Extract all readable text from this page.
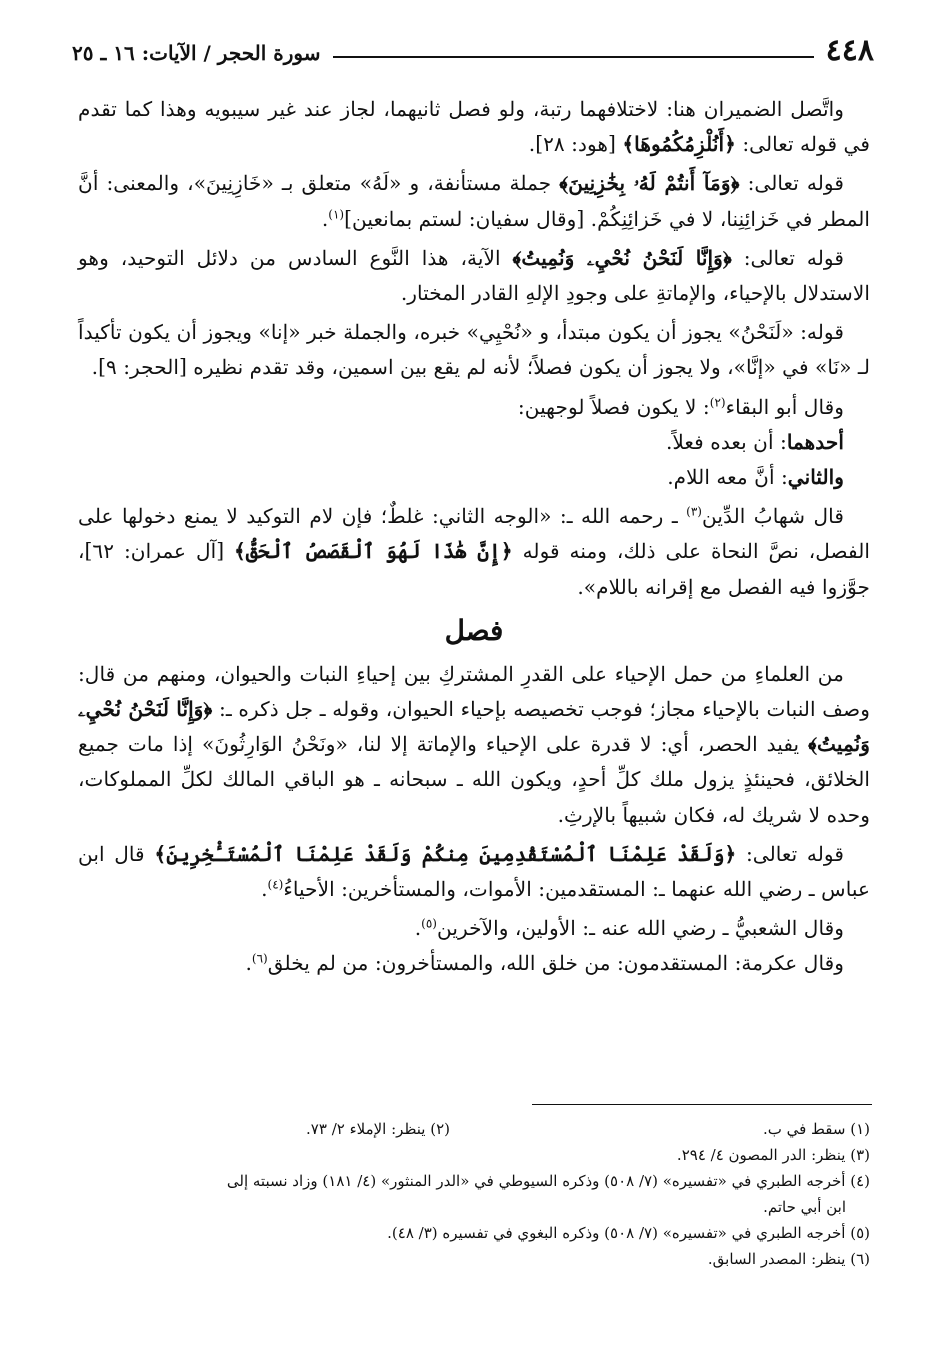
٤٤٨
سورة الحجر / الآيات: ١٦ ـ ٢٥

واتَّصل الضميران هنا: لاختلافهما رتبة، ولو فصل ثانيهما، لجاز عند غير سيبويه وهذا كما تقدم في قوله تعالى: ﴿أَنُلْزِمُكُمُوهَا﴾ [هود: ٢٨].

قوله تعالى: ﴿وَمَآ أَنتُمْ لَهُۥ بِخَٰزِنِينَ﴾ جملة مستأنفة، و «لَهُ» متعلق بـ «خَازِنِينَ»، والمعنى: أنَّ المطر في خَزائِنِنا، لا في خَزائِنِكُمْ. [وقال سفيان: لستم بمانعين]$^{(١)}$.

قوله تعالى: ﴿وَإِنَّا لَنَحْنُ نُحْيِۦ وَنُمِيتُ﴾ الآية، هذا النَّوع السادس من دلائل التوحيد، وهو الاستدلال بالإحياء، والإماتةِ على وجودِ الإلهِ القادر المختار.

قوله: «لَنَحْنُ» يجوز أن يكون مبتدأ، و «نُحْيِي» خبره، والجملة خبر «إنا» ويجوز أن يكون تأكيداً لـ «نَا» في «إنَّا»، ولا يجوز أن يكون فصلاً؛ لأنه لم يقع بين اسمين، وقد تقدم نظيره [الحجر: ٩].

وقال أبو البقاء$^{(٢)}$: لا يكون فصلاً لوجهين:

أحدهما: أن بعده فعلاً.

والثاني: أنَّ معه اللام.

قال شهابُ الدِّين$^{(٣)}$ ـ رحمه الله ـ: «الوجه الثاني: غلطٌ؛ فإن لام التوكيد لا يمنع دخولها على الفصل، نصَّ النحاة على ذلك، ومنه قوله ﴿إِنَّ هَٰذَا لَهُوَ ٱلْقَصَصُ ٱلْحَقُّ﴾ [آل عمران: ٦٢]، جوَّزوا فيه الفصل مع إقرانه باللام».

فصل

من العلماءِ من حمل الإحياء على القدرِ المشتركِ بين إحياءِ النبات والحيوان، ومنهم من قال: وصف النبات بالإحياء مجاز؛ فوجب تخصيصه بإحياء الحيوان، وقوله ـ جل ذكره ـ: ﴿وَإِنَّا لَنَحْنُ نُحْيِۦ وَنُمِيتُ﴾ يفيد الحصر، أي: لا قدرة على الإحياء والإماتة إلا لنا، «ونَحْنُ الوَارِثُونَ» إذا مات جميع الخلائق، فحينئذٍ يزول ملك كلِّ أحدٍ، ويكون الله ـ سبحانه ـ هو الباقي المالك لكلِّ المملوكات، وحده لا شريك له، فكان شبيهاً بالإرثِ.

قوله تعالى: ﴿وَلَقَدْ عَلِمْنَا ٱلْمُسْتَقْدِمِينَ مِنكُمْ وَلَقَدْ عَلِمْنَا ٱلْمُسْتَـْٔخِرِينَ﴾ قال ابن عباس ـ رضي الله عنهما ـ: المستقدمين: الأموات، والمستأخرين: الأحياءُ$^{(٤)}$.

وقال الشعبيُّ ـ رضي الله عنه ـ: الأولين، والآخرين$^{(٥)}$.

وقال عكرمة: المستقدمون: من خلق الله، والمستأخرون: من لم يخلق$^{(٦)}$.

(١) سقط في ب.
(٢) ينظر: الإملاء ٢/ ٧٣.

(٣) ينظر: الدر المصون ٤/ ٢٩٤.

(٤) أخرجه الطبري في «تفسيره» (٧/ ٥٠٨) وذكره السيوطي في «الدر المنثور» (٤/ ١٨١) وزاد نسبته إلى

ابن أبي حاتم.

(٥) أخرجه الطبري في «تفسيره» (٧/ ٥٠٨) وذكره البغوي في تفسيره (٣/ ٤٨).

(٦) ينظر: المصدر السابق.
